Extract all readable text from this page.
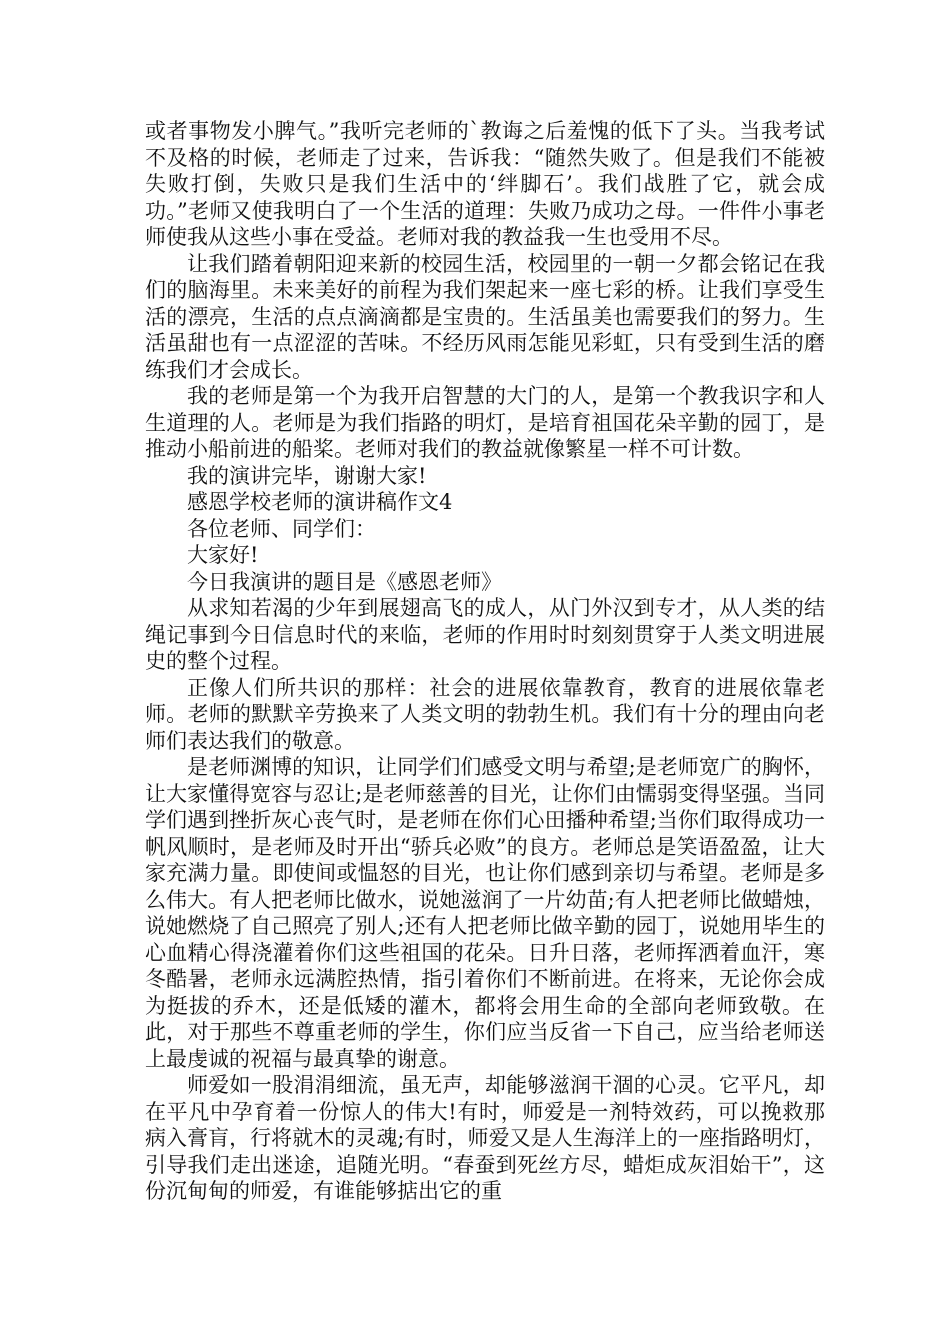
或者事物发小脾气。”我听完老师的`教诲之后羞愧的低下了头。当我考试不及格的时候，老师走了过来，告诉我：“随然失败了。但是我们不能被失败打倒，失败只是我们生活中的‘绊脚石’。我们战胜了它，就会成功。”老师又使我明白了一个生活的道理：失败乃成功之母。一件件小事老师使我从这些小事在受益。老师对我的教益我一生也受用不尽。

让我们踏着朝阳迎来新的校园生活，校园里的一朝一夕都会铭记在我们的脑海里。未来美好的前程为我们架起来一座七彩的桥。让我们享受生活的漂亮，生活的点点滴滴都是宝贵的。生活虽美也需要我们的努力。生活虽甜也有一点涩涩的苦味。不经历风雨怎能见彩虹，只有受到生活的磨练我们才会成长。

我的老师是第一个为我开启智慧的大门的人，是第一个教我识字和人生道理的人。老师是为我们指路的明灯，是培育祖国花朵辛勤的园丁，是推动小船前进的船桨。老师对我们的教益就像繁星一样不可计数。

我的演讲完毕，谢谢大家!

感恩学校老师的演讲稿作文4

各位老师、同学们：

大家好!

今日我演讲的题目是《感恩老师》

从求知若渴的少年到展翅高飞的成人，从门外汉到专才，从人类的结绳记事到今日信息时代的来临，老师的作用时时刻刻贯穿于人类文明进展史的整个过程。

正像人们所共识的那样：社会的进展依靠教育，教育的进展依靠老师。老师的默默辛劳换来了人类文明的勃勃生机。我们有十分的理由向老师们表达我们的敬意。

是老师渊博的知识，让同学们们感受文明与希望;是老师宽广的胸怀，让大家懂得宽容与忍让;是老师慈善的目光，让你们由懦弱变得坚强。当同学们遇到挫折灰心丧气时，是老师在你们心田播种希望;当你们取得成功一帆风顺时，是老师及时开出“骄兵必败”的良方。老师总是笑语盈盈，让大家充满力量。即使间或愠怒的目光，也让你们感到亲切与希望。老师是多么伟大。有人把老师比做水，说她滋润了一片幼苗;有人把老师比做蜡烛，说她燃烧了自己照亮了别人;还有人把老师比做辛勤的园丁，说她用毕生的心血精心得浇灌着你们这些祖国的花朵。日升日落，老师挥洒着血汗，寒冬酷暑，老师永远满腔热情，指引着你们不断前进。在将来，无论你会成为挺拔的乔木，还是低矮的灌木，都将会用生命的全部向老师致敬。在此，对于那些不尊重老师的学生，你们应当反省一下自己，应当给老师送上最虔诚的祝福与最真挚的谢意。

师爱如一股涓涓细流，虽无声，却能够滋润干涸的心灵。它平凡，却在平凡中孕育着一份惊人的伟大!有时，师爱是一剂特效药，可以挽救那病入膏肓，行将就木的灵魂;有时，师爱又是人生海洋上的一座指路明灯，引导我们走出迷途，追随光明。“春蚕到死丝方尽，蜡炬成灰泪始干”，这份沉甸甸的师爱，有谁能够掂出它的重
